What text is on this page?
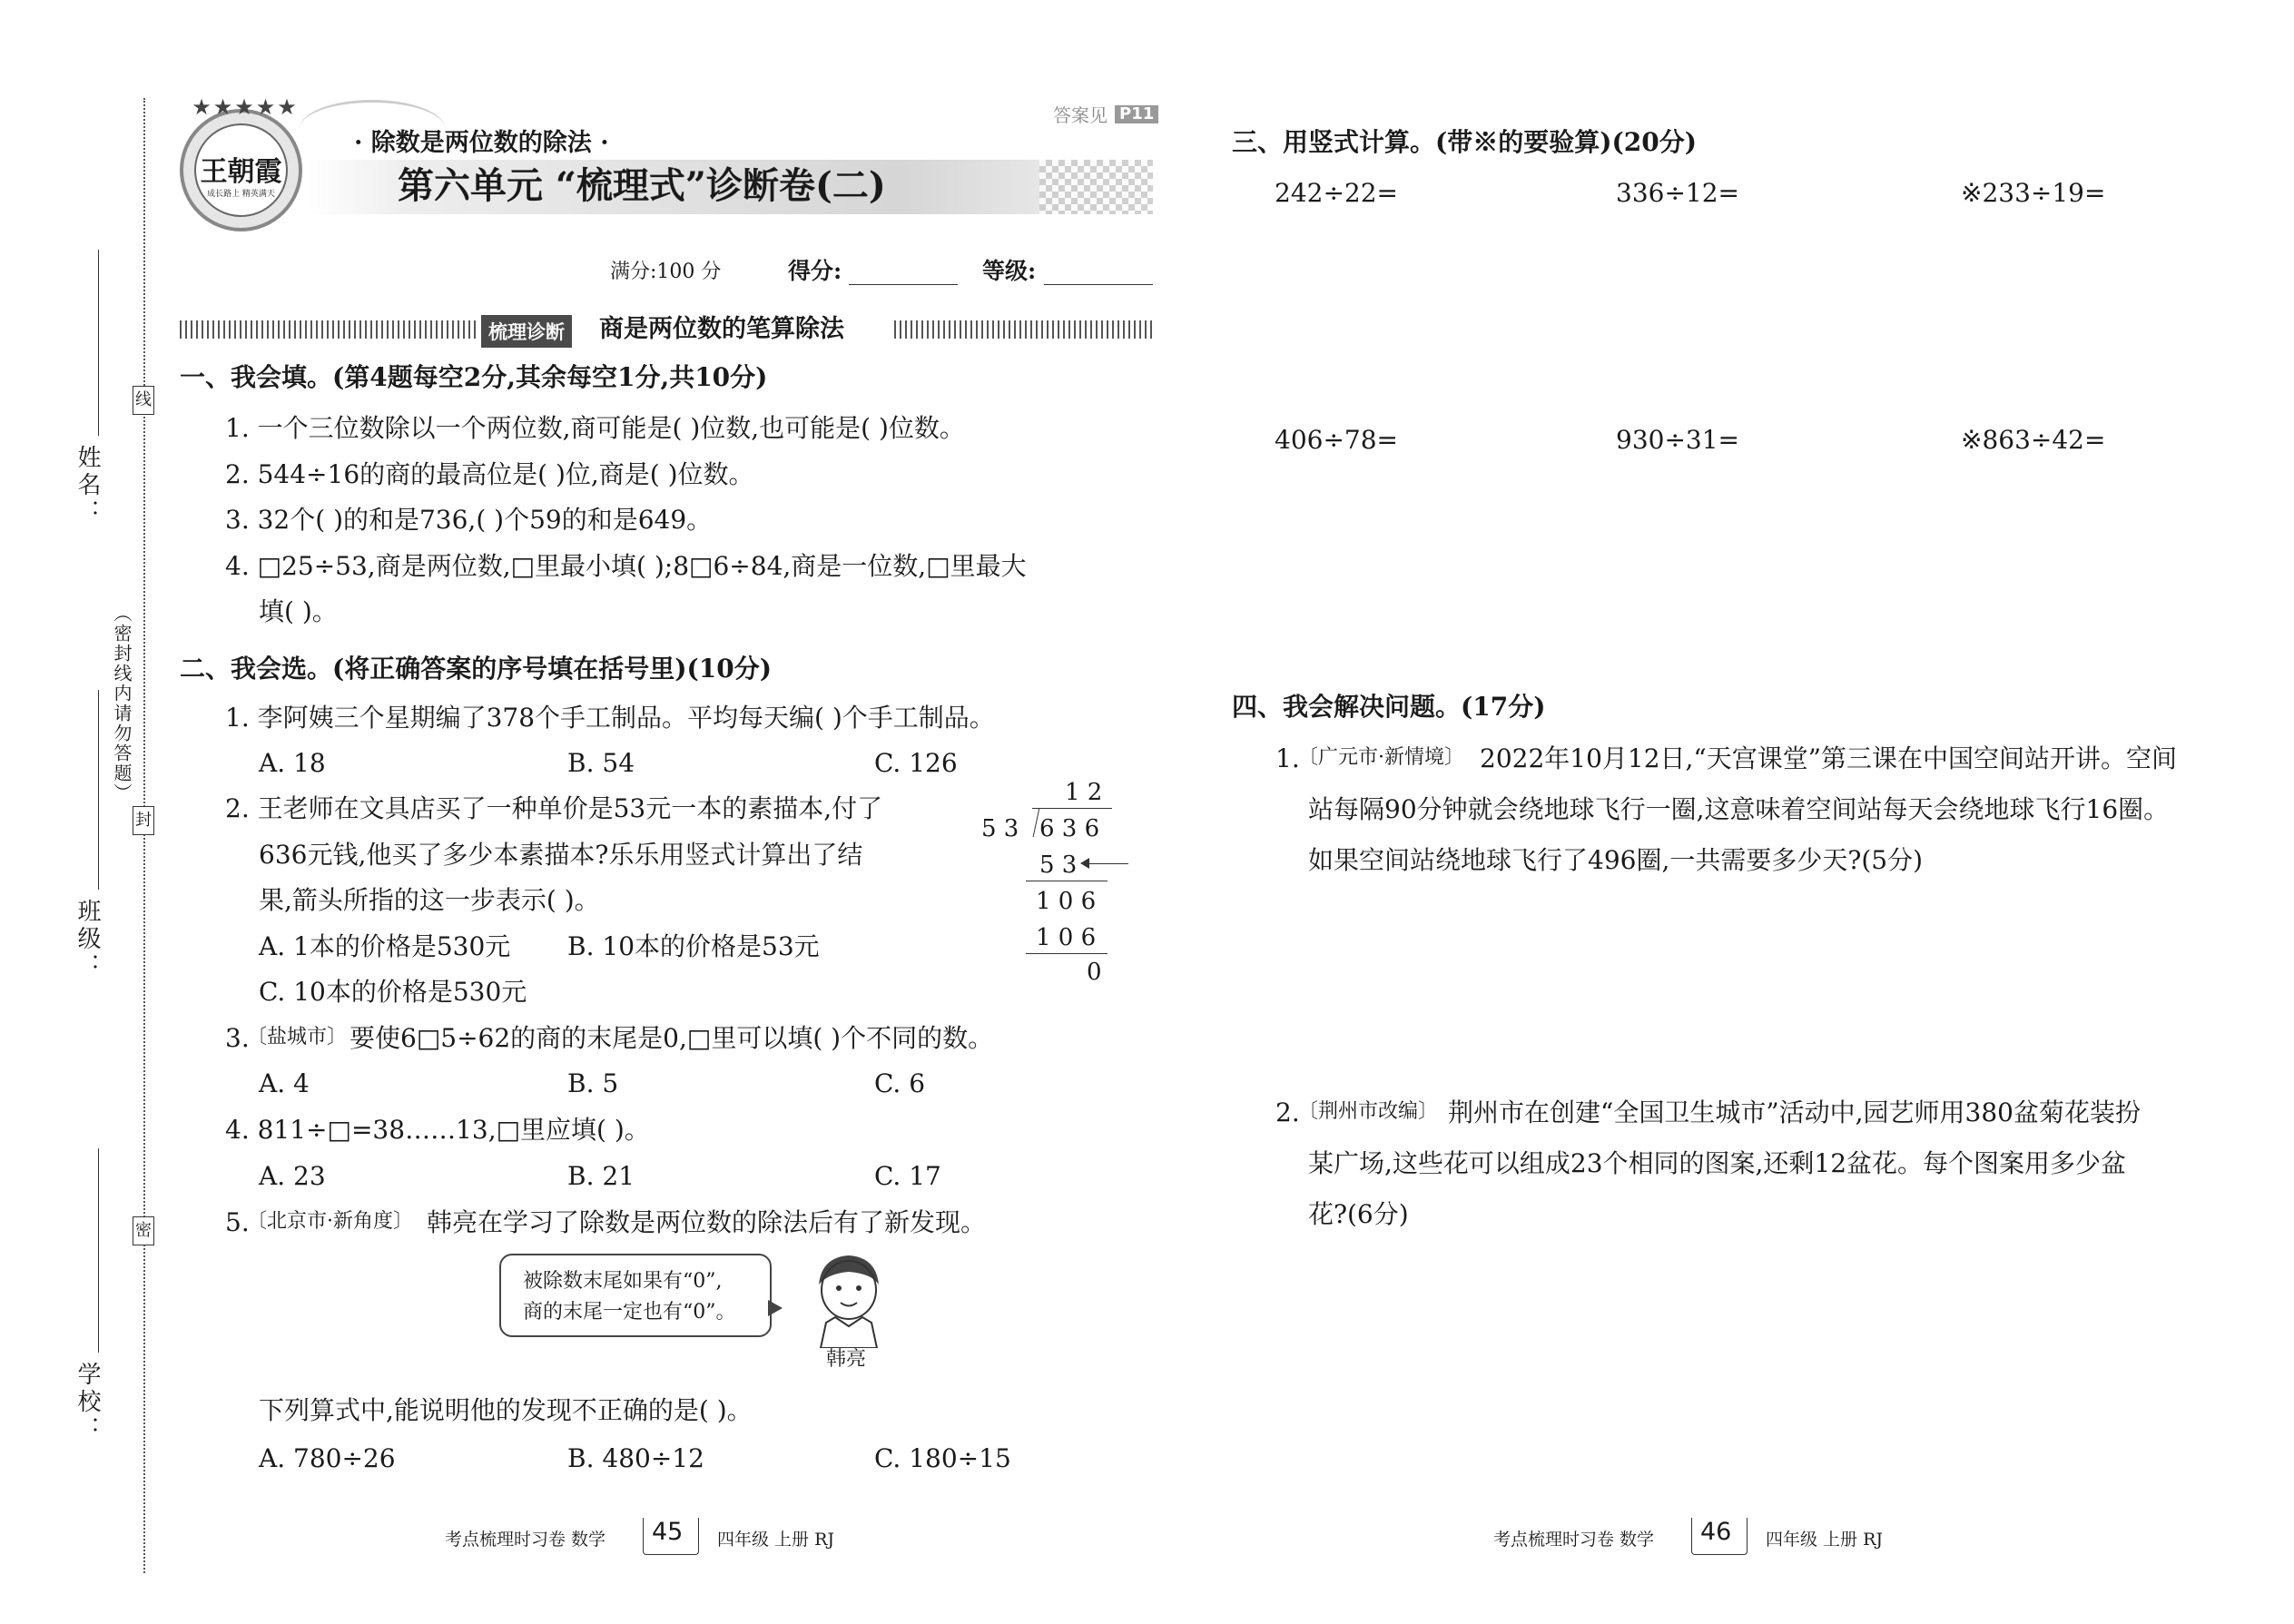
姓名：
班级：
学校：
（密封线内请勿答题）
线
封
密
★★★★★
王朝霞
成长路上 精英满天
答案见 P11
· 除数是两位数的除法 ·
第六单元 “梳理式”诊断卷(二)
满分:100 分	得分:	等级:
梳理诊断 商是两位数的笔算除法
一、我会填。(第4题每空2分,其余每空1分,共10分)
1. 一个三位数除以一个两位数,商可能是( )位数,也可能是( )位数。
2. 544÷16的商的最高位是( )位,商是( )位数。
3. 32个( )的和是736,( )个59的和是649。
4. □25÷53,商是两位数,□里最小填( );8□6÷84,商是一位数,□里最大
填( )。
二、我会选。(将正确答案的序号填在括号里)(10分)
1. 李阿姨三个星期编了378个手工制品。平均每天编( )个手工制品。
A. 18	B. 54	C. 126
2. 王老师在文具店买了一种单价是53元一本的素描本,付了
636元钱,他买了多少本素描本?乐乐用竖式计算出了结
果,箭头所指的这一步表示( )。
A. 1本的价格是530元 B. 10本的价格是53元
C. 10本的价格是530元
1 2
5 3 6 3 6
5 3
1 0 6
1 0 6
0
3.
〔盐城市〕 要使6□5÷62的商的末尾是0,□里可以填( )个不同的数。
A. 4	B. 5	C. 6
4. 811÷□=38……13,□里应填( )。
A. 23	B. 21	C. 17
5.
〔北京市·新角度〕 韩亮在学习了除数是两位数的除法后有了新发现。
被除数末尾如果有“0”,
商的末尾一定也有“0”。
韩亮
下列算式中,能说明他的发现不正确的是( )。
A. 780÷26	B. 480÷12	C. 180÷15
考点梳理时习卷 数学 45 四年级 上册 RJ
三、用竖式计算。(带※的要验算)(20分)
242÷22=	336÷12=	※233÷19=
406÷78=	930÷31=	※863÷42=
四、我会解决问题。(17分)
1.
〔广元市·新情境〕 2022年10月12日,“天宫课堂”第三课在中国空间站开讲。空间
站每隔90分钟就会绕地球飞行一圈,这意味着空间站每天会绕地球飞行16圈。
如果空间站绕地球飞行了496圈,一共需要多少天?(5分)
2.
〔荆州市改编〕 荆州市在创建“全国卫生城市”活动中,园艺师用380盆菊花装扮
某广场,这些花可以组成23个相同的图案,还剩12盆花。每个图案用多少盆
花?(6分)
考点梳理时习卷 数学 46 四年级 上册 RJ
